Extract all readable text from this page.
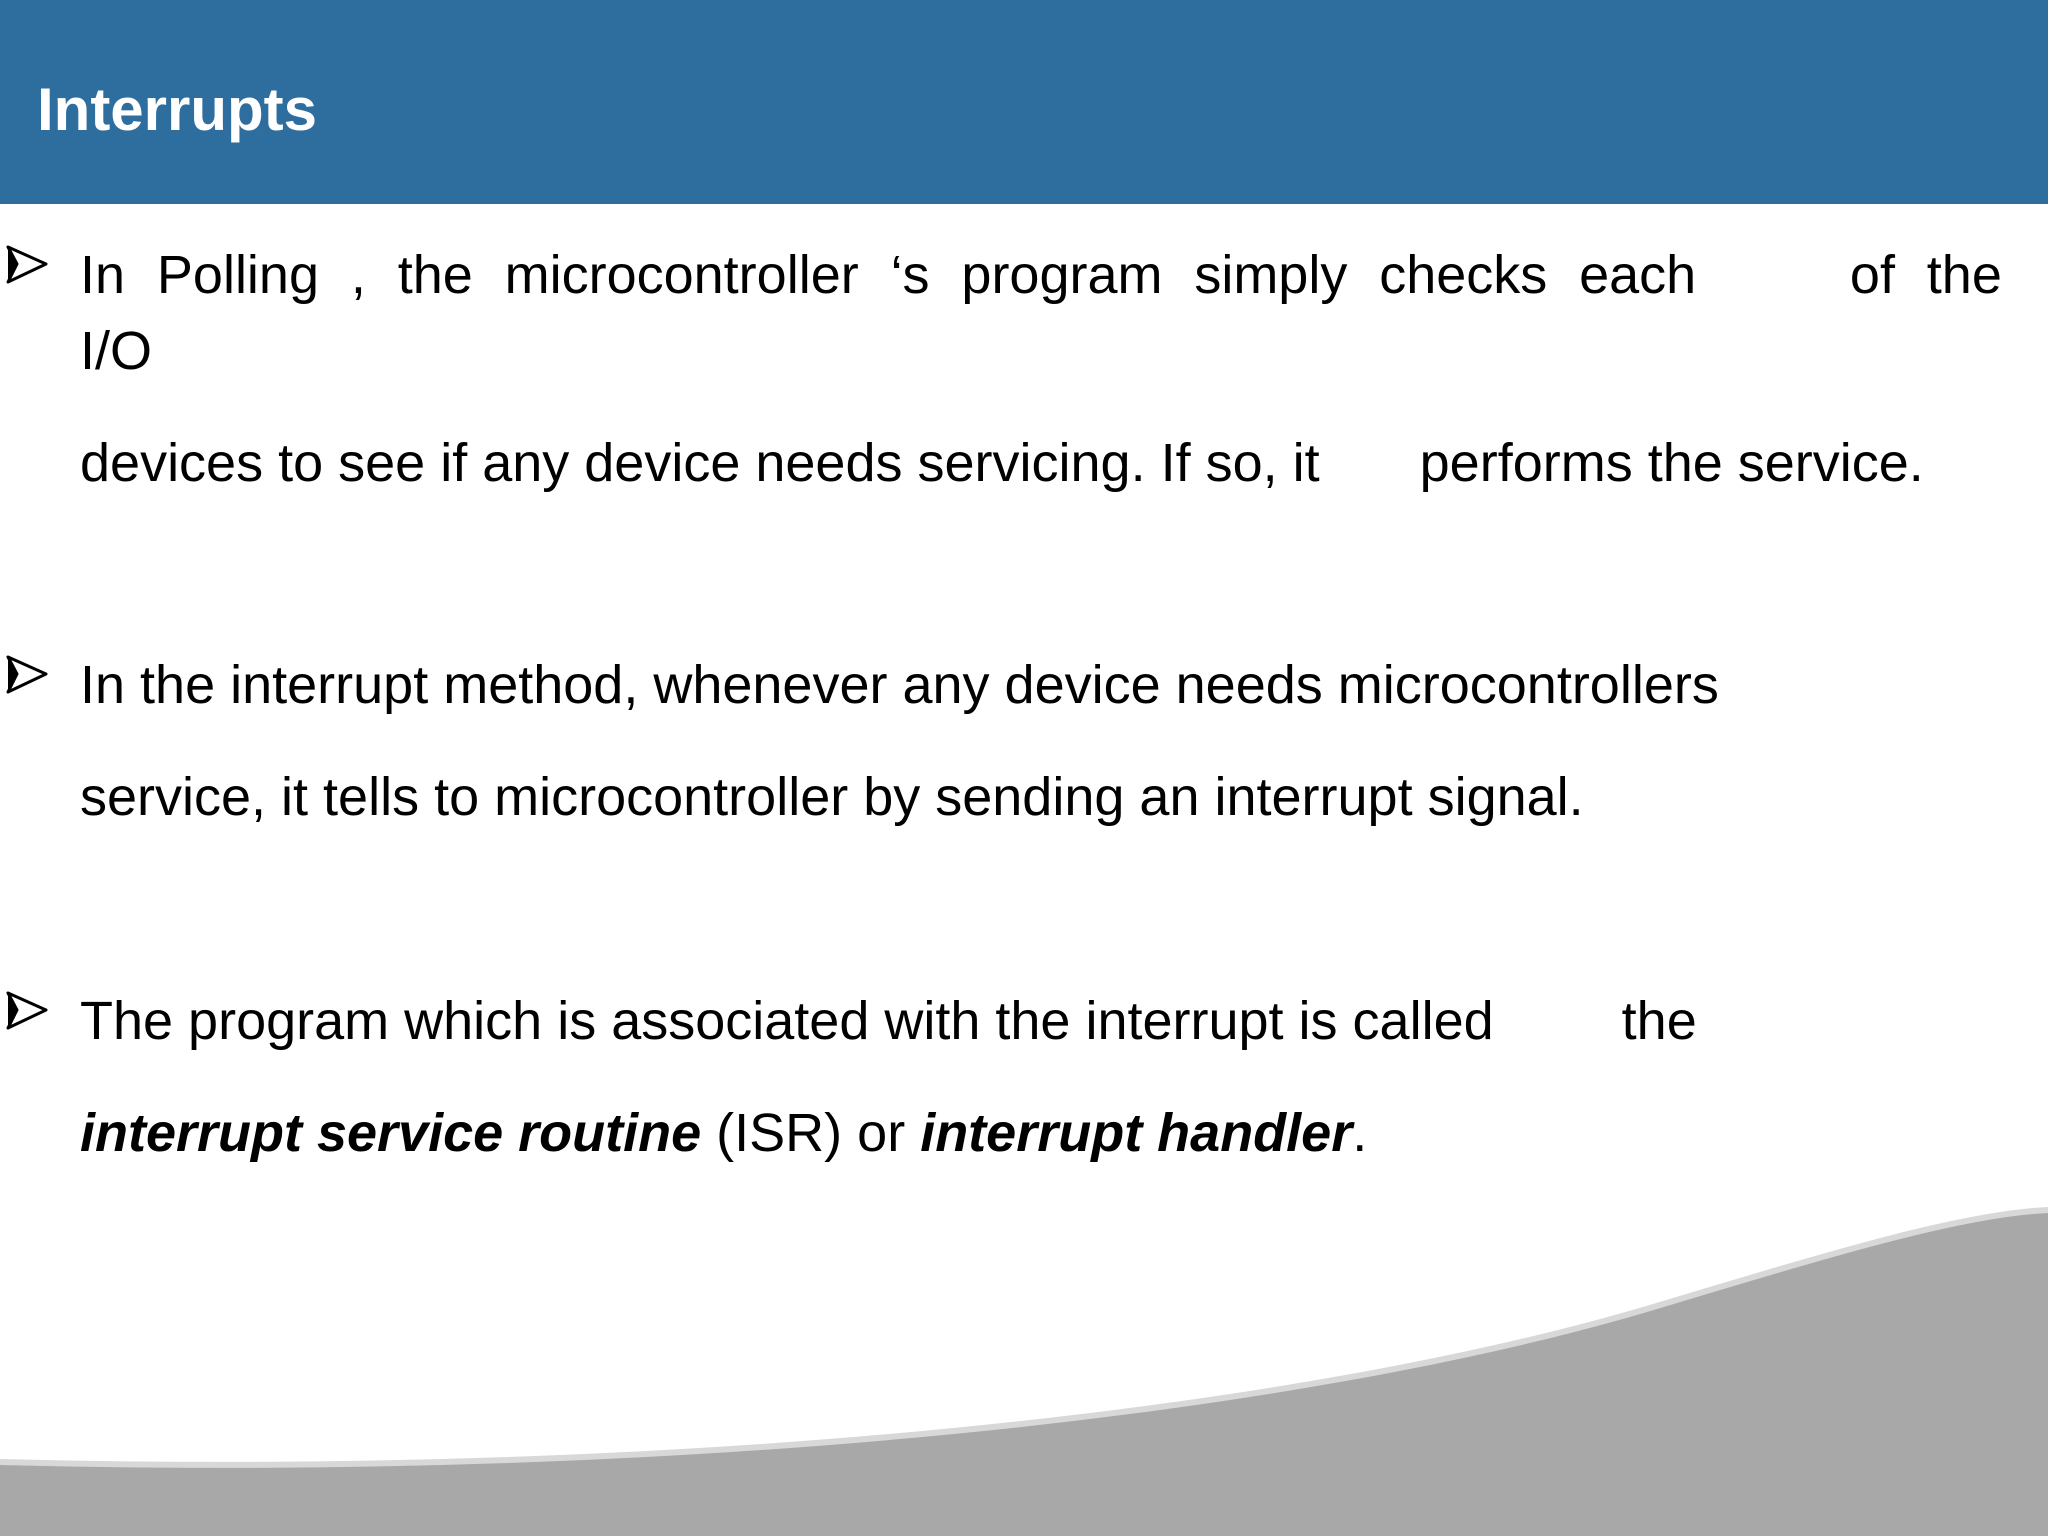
Interrupts
In Polling , the microcontroller ‘s program simply checks each	of the
I/O
devices to see if any device needs servicing. If so, it performs the service.
In the interrupt method, whenever any device needs microcontrollers
service, it tells to microcontroller by sending an interrupt signal.
The program which is associated with the interrupt is called the
interrupt service routine (ISR) or interrupt handler.
